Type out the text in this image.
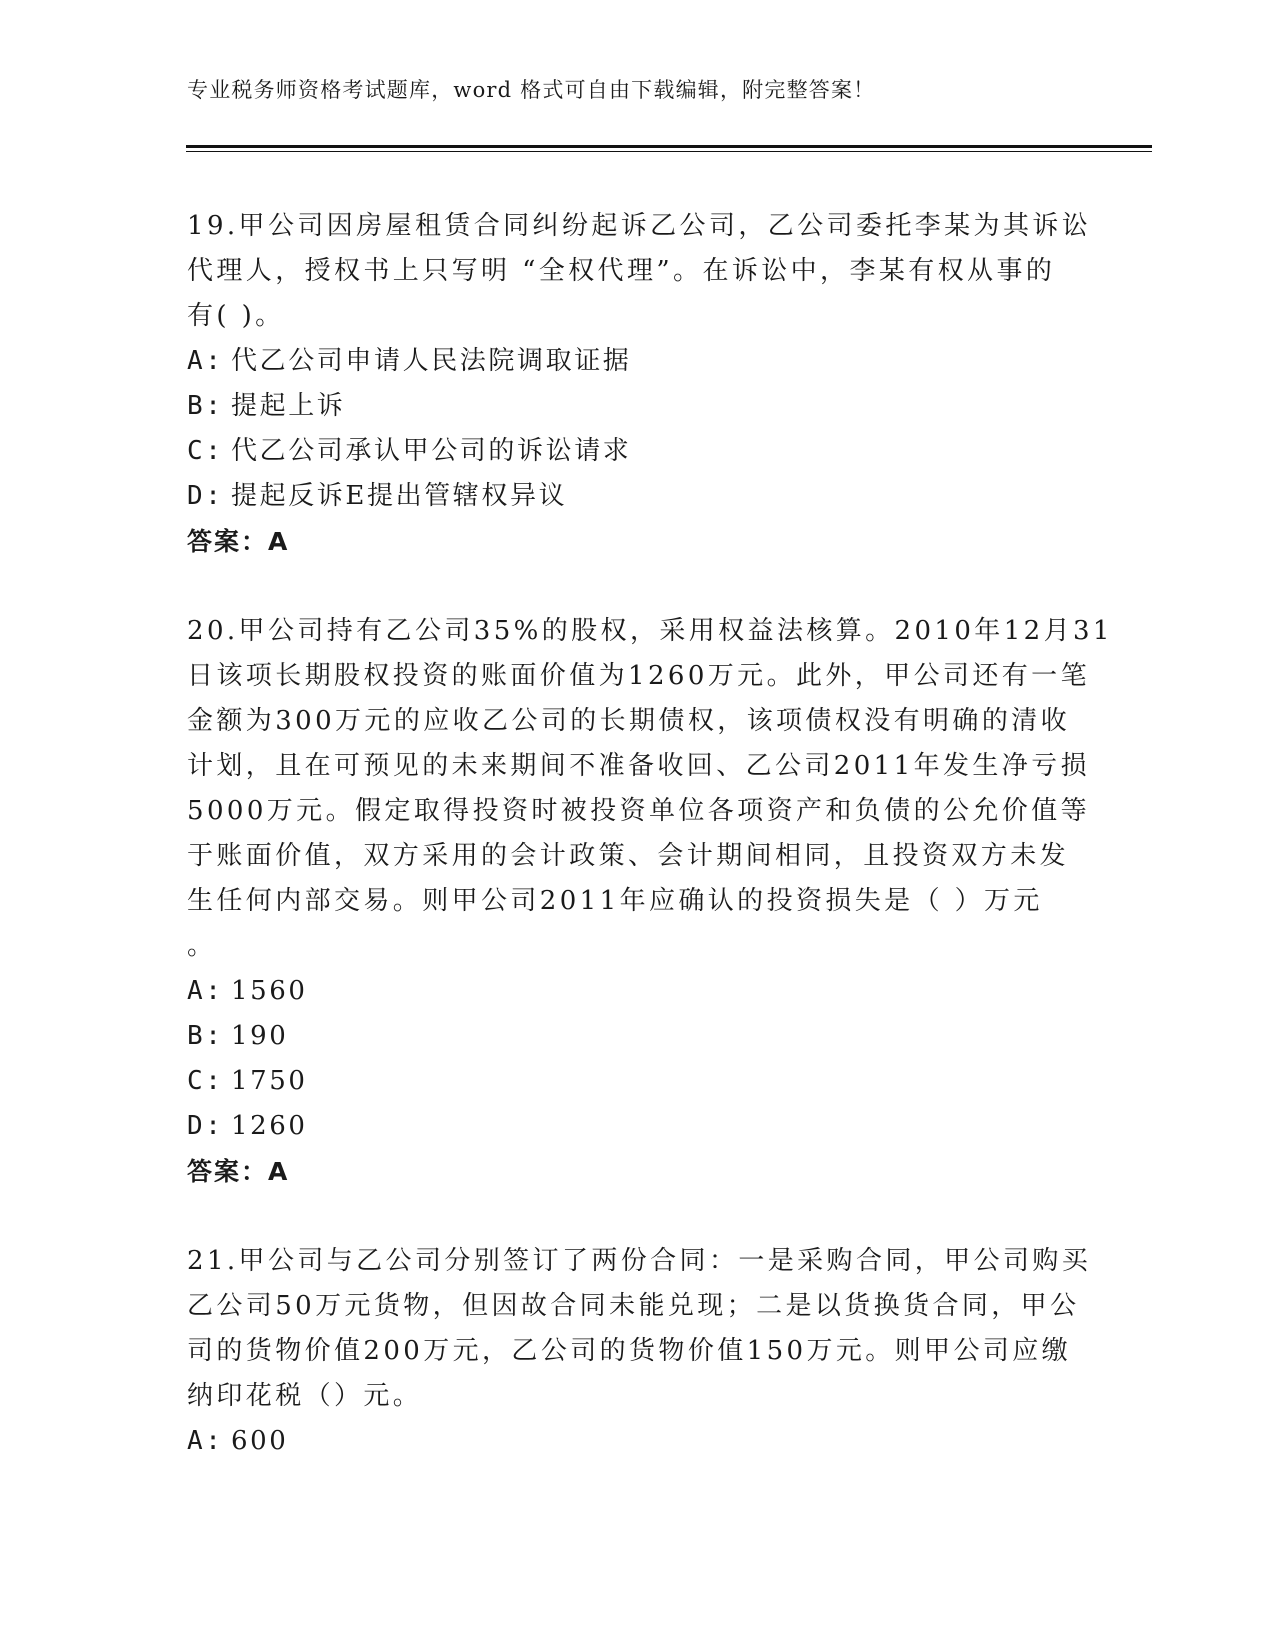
专业税务师资格考试题库，word 格式可自由下载编辑，附完整答案！
19.甲公司因房屋租赁合同纠纷起诉乙公司，乙公司委托李某为其诉讼
代理人，授权书上只写明 “全权代理”。在诉讼中，李某有权从事的
有( )。
A: 代乙公司申请人民法院调取证据
B: 提起上诉
C: 代乙公司承认甲公司的诉讼请求
D: 提起反诉E提出管辖权异议
答案：A
20.甲公司持有乙公司35%的股权，采用权益法核算。2010年12月31
日该项长期股权投资的账面价值为1260万元。此外，甲公司还有一笔
金额为300万元的应收乙公司的长期债权，该项债权没有明确的清收
计划，且在可预见的未来期间不准备收回、乙公司2011年发生净亏损
5000万元。假定取得投资时被投资单位各项资产和负债的公允价值等
于账面价值，双方采用的会计政策、会计期间相同，且投资双方未发
生任何内部交易。则甲公司2011年应确认的投资损失是（ ）万元
。
A: 1560
B: 190
C: 1750
D: 1260
答案：A
21.甲公司与乙公司分别签订了两份合同：一是采购合同，甲公司购买
乙公司50万元货物，但因故合同未能兑现；二是以货换货合同，甲公
司的货物价值200万元，乙公司的货物价值150万元。则甲公司应缴
纳印花税（）元。
A: 600
